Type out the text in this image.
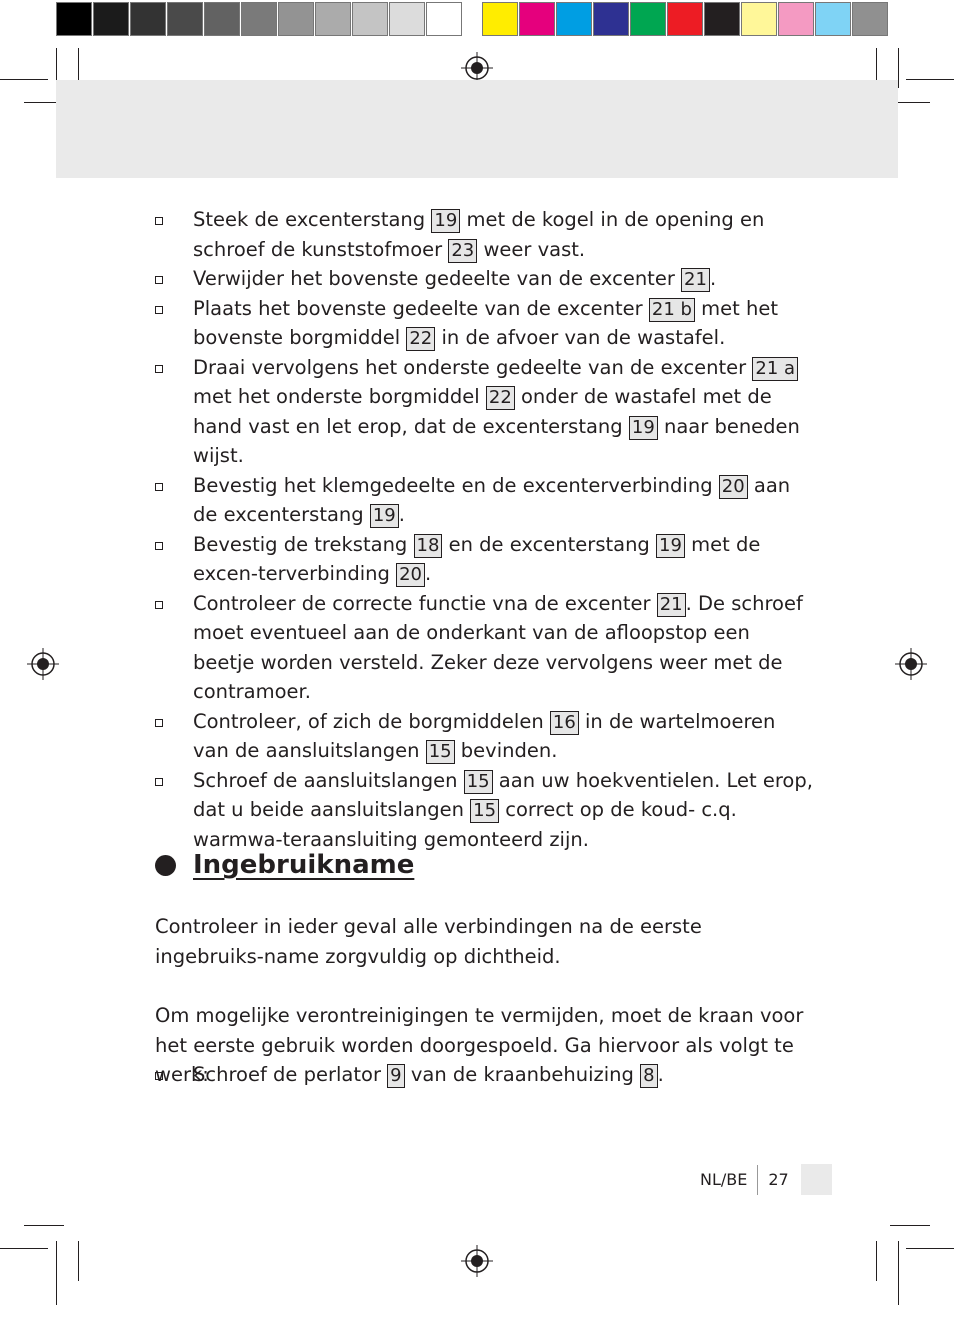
Steek de excenterstang 19 met de kogel in de opening en schroef de kunststofmoer 23 weer vast.
Verwijder het bovenste gedeelte van de excenter 21 .
Plaats het bovenste gedeelte van de excenter 21 b met het bovenste borgmiddel 22 in de afvoer van de wastafel.
Draai vervolgens het onderste gedeelte van de excenter 21 a met het onderste borgmiddel 22 onder de wastafel met de hand vast en let erop, dat de excenterstang 19 naar beneden wijst.
Bevestig het klemgedeelte en de excenterverbinding 20 aan de excenterstang 19 .
Bevestig de trekstang 18 en de excenterstang 19 met de excen-terverbinding 20 .
Controleer de correcte functie vna de excenter 21 . De schroef moet eventueel aan de onderkant van de afloopstop een beetje worden versteld. Zeker deze vervolgens weer met de contramoer.
Controleer, of zich de borgmiddelen 16 in de wartelmoeren van de aansluitslangen 15 bevinden.
Schroef de aansluitslangen 15 aan uw hoekventielen. Let erop, dat u beide aansluitslangen 15 correct op de koud- c.q. warmwa-teraansluiting gemonteerd zijn.
Ingebruikname

Controleer in ieder geval alle verbindingen na de eerste ingebruiks-name zorgvuldig op dichtheid.

Om mogelijke verontreinigingen te vermijden, moet de kraan voor het eerste gebruik worden doorgespoeld. Ga hiervoor als volgt te werk:

Schroef de perlator 9 van de kraanbehuizing 8 .
NL/BE 27
